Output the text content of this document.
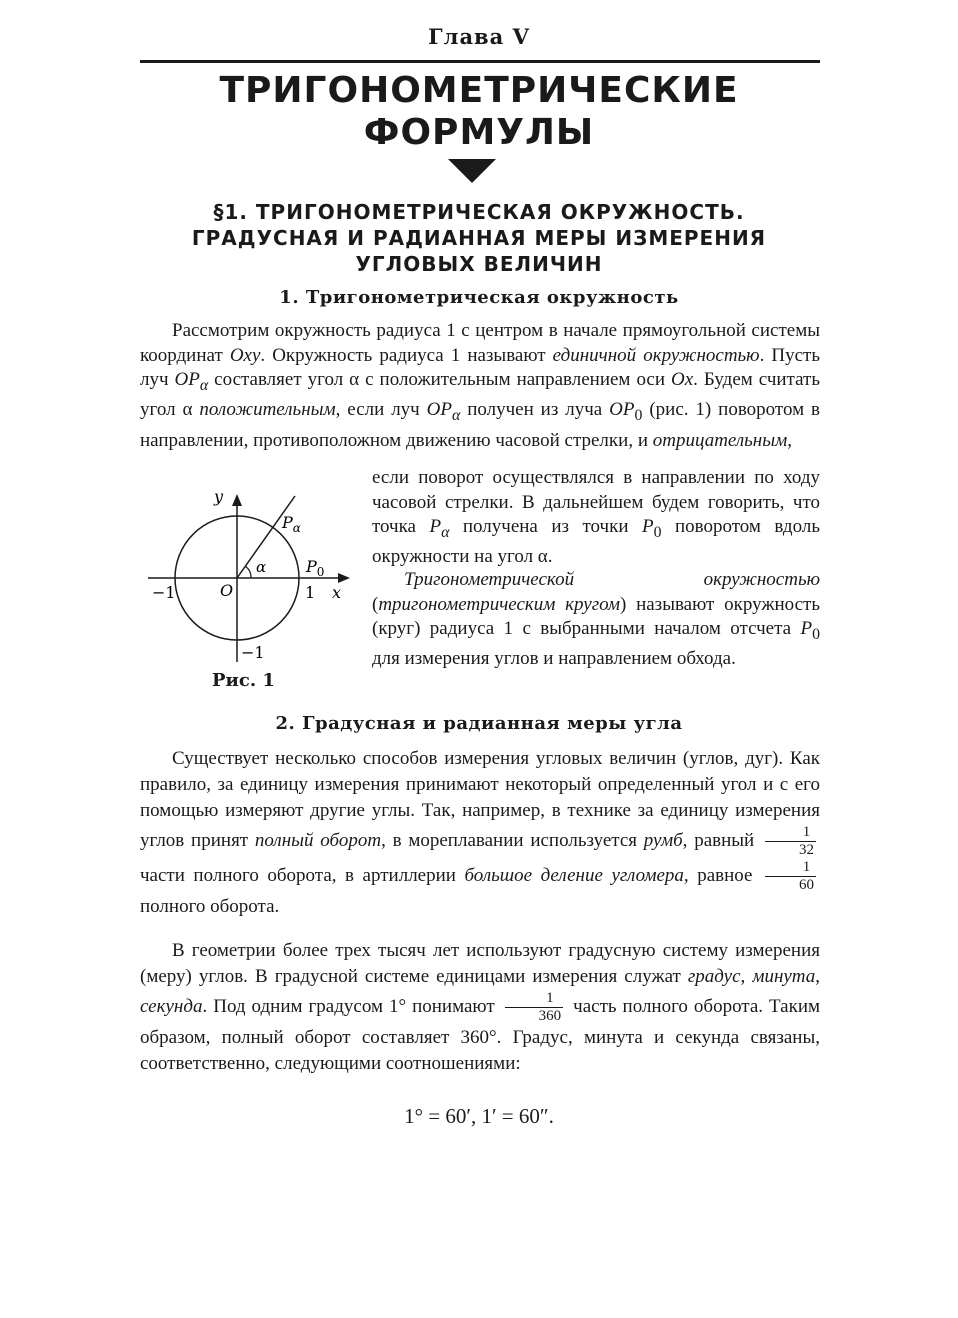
Глава V
ТРИГОНОМЕТРИЧЕСКИЕ
ФОРМУЛЫ
§1. ТРИГОНОМЕТРИЧЕСКАЯ ОКРУЖНОСТЬ.
ГРАДУСНАЯ И РАДИАННАЯ МЕРЫ ИЗМЕРЕНИЯ
УГЛОВЫХ ВЕЛИЧИН
1. Тригонометрическая окружность

Рассмотрим окружность радиуса 1 с центром в начале прямоугольной системы координат Oxy. Окружность радиуса 1 называют единичной окружностью. Пусть луч $OP_\alpha$ составляет угол α с положительным направлением оси Ox. Будем считать угол α положительным, если луч $OP_\alpha$ получен из луча $OP_0$ (рис. 1) поворотом в направлении, противоположном движению часовой стрелки, и отрицательным,

y
x
O
$P_\alpha$
$P_0$
α
1
−1
−1
Рис. 1

если поворот осуществлялся в направлении по ходу часовой стрелки. В дальнейшем будем говорить, что точка $P_\alpha$ получена из точки $P_0$ поворотом вдоль окружности на угол α.

Тригонометрической окружностью (тригонометрическим кругом) называют окружность (круг) радиуса 1 с выбранными началом отсчета $P_0$ для измерения углов и направлением обхода.

2. Градусная и радианная меры угла

Существует несколько способов измерения угловых величин (углов, дуг). Как правило, за единицу измерения принимают некоторый определенный угол и с его помощью измеряют другие углы. Так, например, в технике за единицу измерения углов принят полный оборот, в мореплавании используется румб, равный $\frac{1}{32}$
части полного оборота, в артиллерии большое деление угломера, равное $\frac{1}{60}$
полного оборота.

В геометрии более трех тысяч лет используют градусную систему измерения (меру) углов. В градусной системе единицами измерения служат градус, минута, секунда. Под одним градусом 1° понимают $\frac{1}{360}$ часть полного оборота. Таким образом, полный оборот составляет 360°. Градус, минута и секунда связаны, соответственно, следующими соотношениями:

1° = 60′, 1′ = 60″.
